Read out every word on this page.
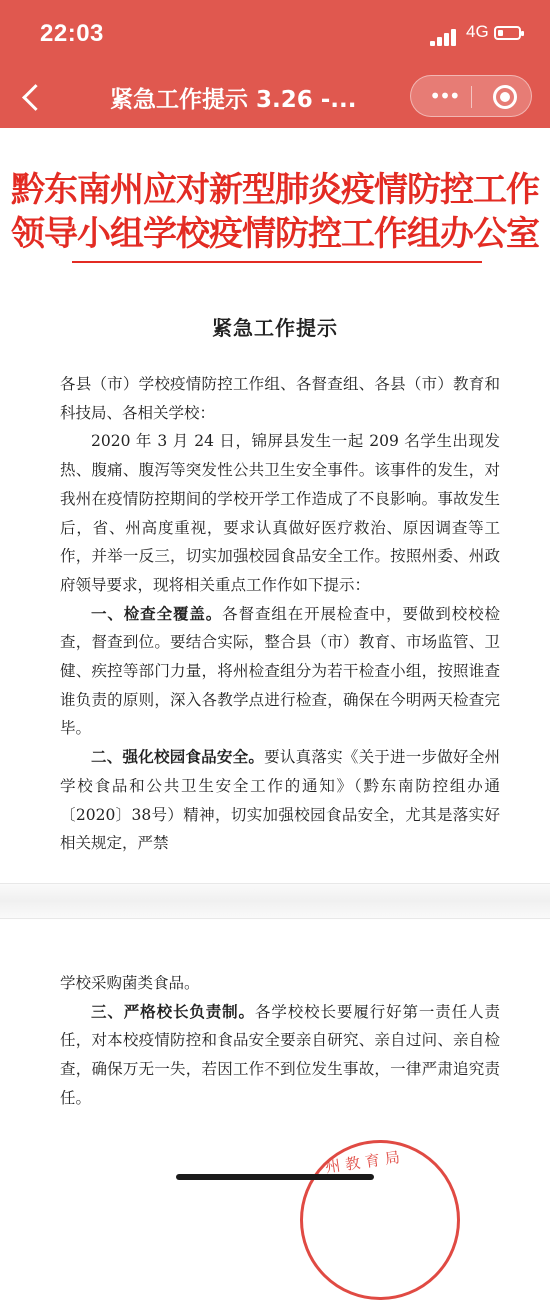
22:03	4G
紧急工作提示 3.26 -...	•••
黔东南州应对新型肺炎疫情防控工作
领导小组学校疫情防控工作组办公室
紧急工作提示

各县（市）学校疫情防控工作组、各督查组、各县（市）教育和科技局、各相关学校：

2020 年 3 月 24 日，锦屏县发生一起 209 名学生出现发热、腹痛、腹泻等突发性公共卫生安全事件。该事件的发生，对我州在疫情防控期间的学校开学工作造成了不良影响。事故发生后，省、州高度重视，要求认真做好医疗救治、原因调查等工作，并举一反三，切实加强校园食品安全工作。按照州委、州政府领导要求，现将相关重点工作作如下提示：

一、检查全覆盖。各督查组在开展检查中，要做到校校检查，督查到位。要结合实际，整合县（市）教育、市场监管、卫健、疾控等部门力量，将州检查组分为若干检查小组，按照谁查谁负责的原则，深入各教学点进行检查，确保在今明两天检查完毕。

二、强化校园食品安全。要认真落实《关于进一步做好全州学校食品和公共卫生安全工作的通知》（黔东南防控组办通〔2020〕38号）精神，切实加强校园食品安全，尤其是落实好相关规定，严禁

学校采购菌类食品。

三、严格校长负责制。各学校校长要履行好第一责任人责任，对本校疫情防控和食品安全要亲自研究、亲自过问、亲自检查，确保万无一失，若因工作不到位发生事故，一律严肃追究责任。

州教育局
